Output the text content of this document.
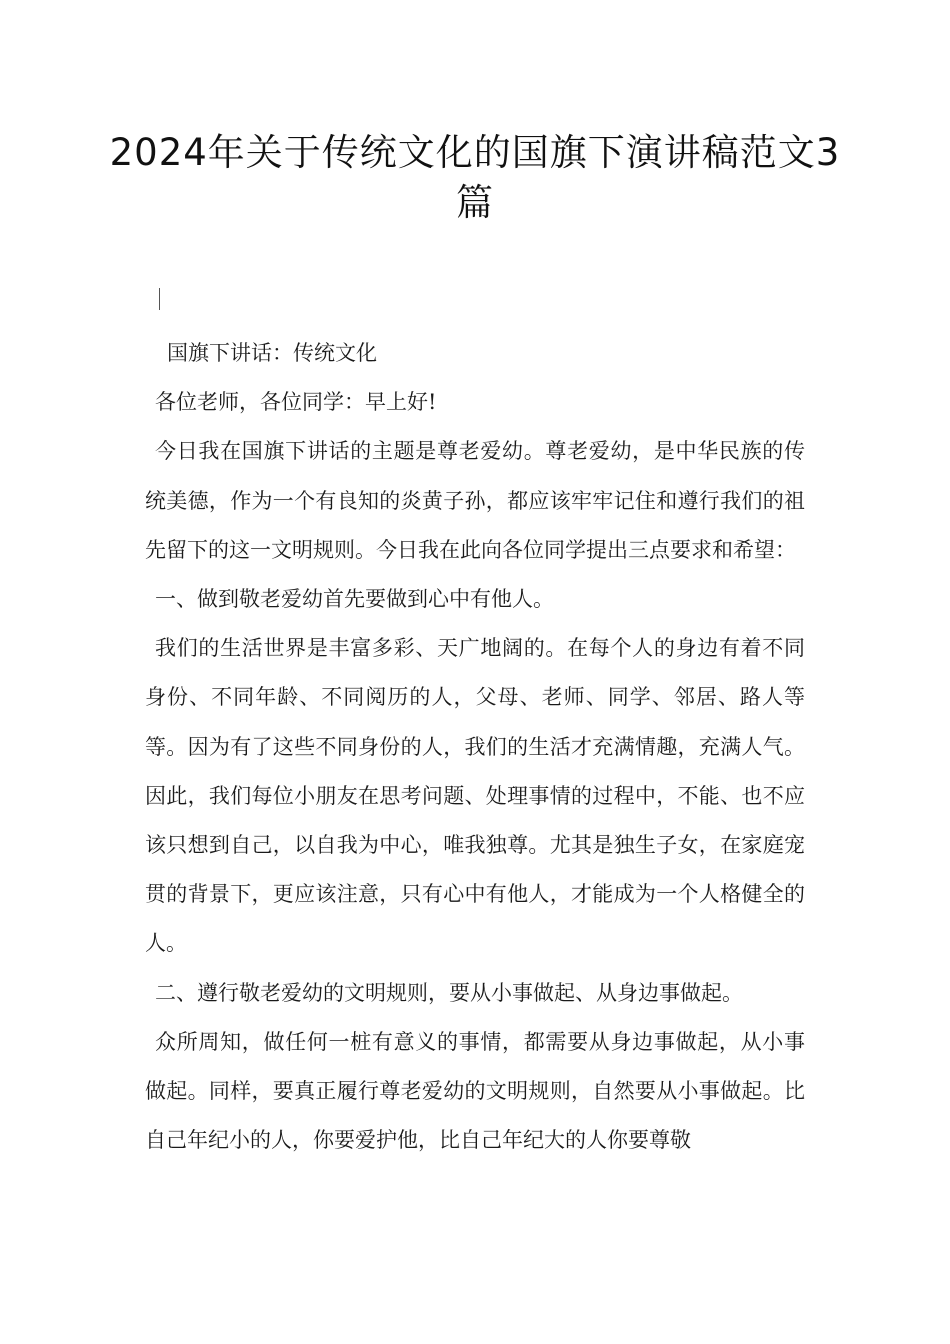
2024年关于传统文化的国旗下演讲稿范文3篇

国旗下讲话：传统文化

各位老师，各位同学：早上好!

今日我在国旗下讲话的主题是尊老爱幼。尊老爱幼，是中华民族的传统美德，作为一个有良知的炎黄子孙，都应该牢牢记住和遵行我们的祖先留下的这一文明规则。今日我在此向各位同学提出三点要求和希望：

一、做到敬老爱幼首先要做到心中有他人。

我们的生活世界是丰富多彩、天广地阔的。在每个人的身边有着不同身份、不同年龄、不同阅历的人，父母、老师、同学、邻居、路人等等。因为有了这些不同身份的人，我们的生活才充满情趣，充满人气。因此，我们每位小朋友在思考问题、处理事情的过程中，不能、也不应该只想到自己，以自我为中心，唯我独尊。尤其是独生子女，在家庭宠贯的背景下，更应该注意，只有心中有他人，才能成为一个人格健全的人。

二、遵行敬老爱幼的文明规则，要从小事做起、从身边事做起。

众所周知，做任何一桩有意义的事情，都需要从身边事做起，从小事做起。同样，要真正履行尊老爱幼的文明规则，自然要从小事做起。比自己年纪小的人，你要爱护他，比自己年纪大的人你要尊敬
